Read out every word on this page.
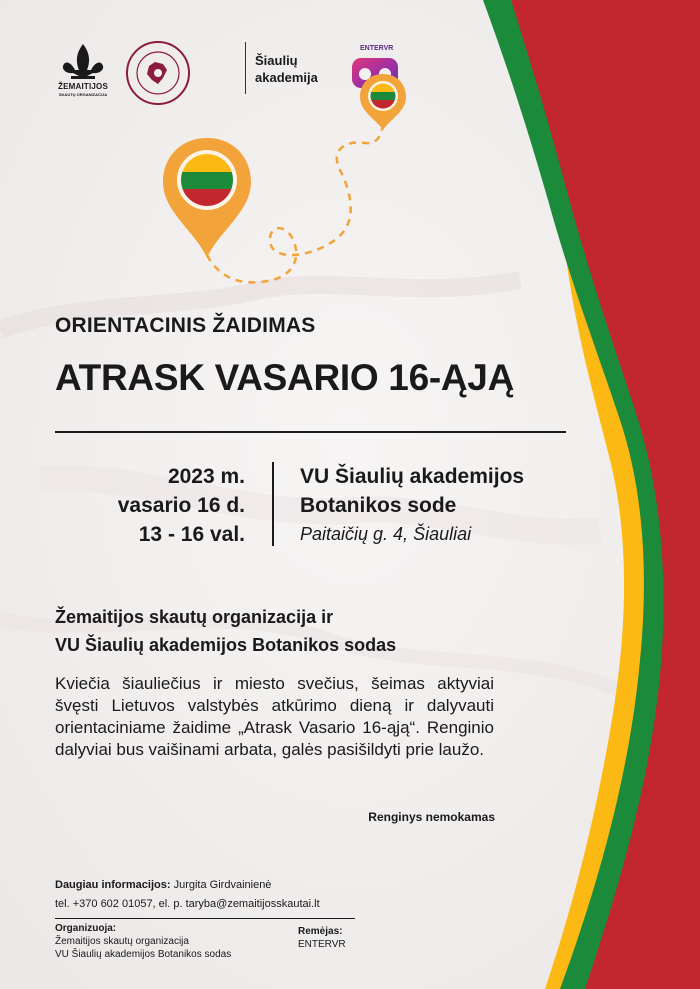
ŽEMAITIJOS
SKAUTŲ ORGANIZACIJA
Šiaulių
akademija
ENTERVR
ORIENTACINIS ŽAIDIMAS
ATRASK VASARIO 16-ĄJĄ
2023 m.
vasario 16 d.
13 - 16 val.
VU Šiaulių akademijos
Botanikos sode
Paitaičių g. 4, Šiauliai
Žemaitijos skautų organizacija ir
VU Šiaulių akademijos Botanikos sodas
Kviečia šiauliečius ir miesto svečius, šeimas aktyviai švęsti Lietuvos valstybės atkūrimo dieną ir dalyvauti orientaciniame žaidime „Atrask Vasario 16-ąją“. Renginio dalyviai bus vaišinami arbata, galės pasišildyti prie laužo.
Renginys nemokamas
Daugiau informacijos: Jurgita Girdvainienė
tel. +370 602 01057, el. p. taryba@zemaitijosskautai.lt
Organizuoja:
Žemaitijos skautų organizacija
VU Šiaulių akademijos Botanikos sodas
Remėjas:
ENTERVR
